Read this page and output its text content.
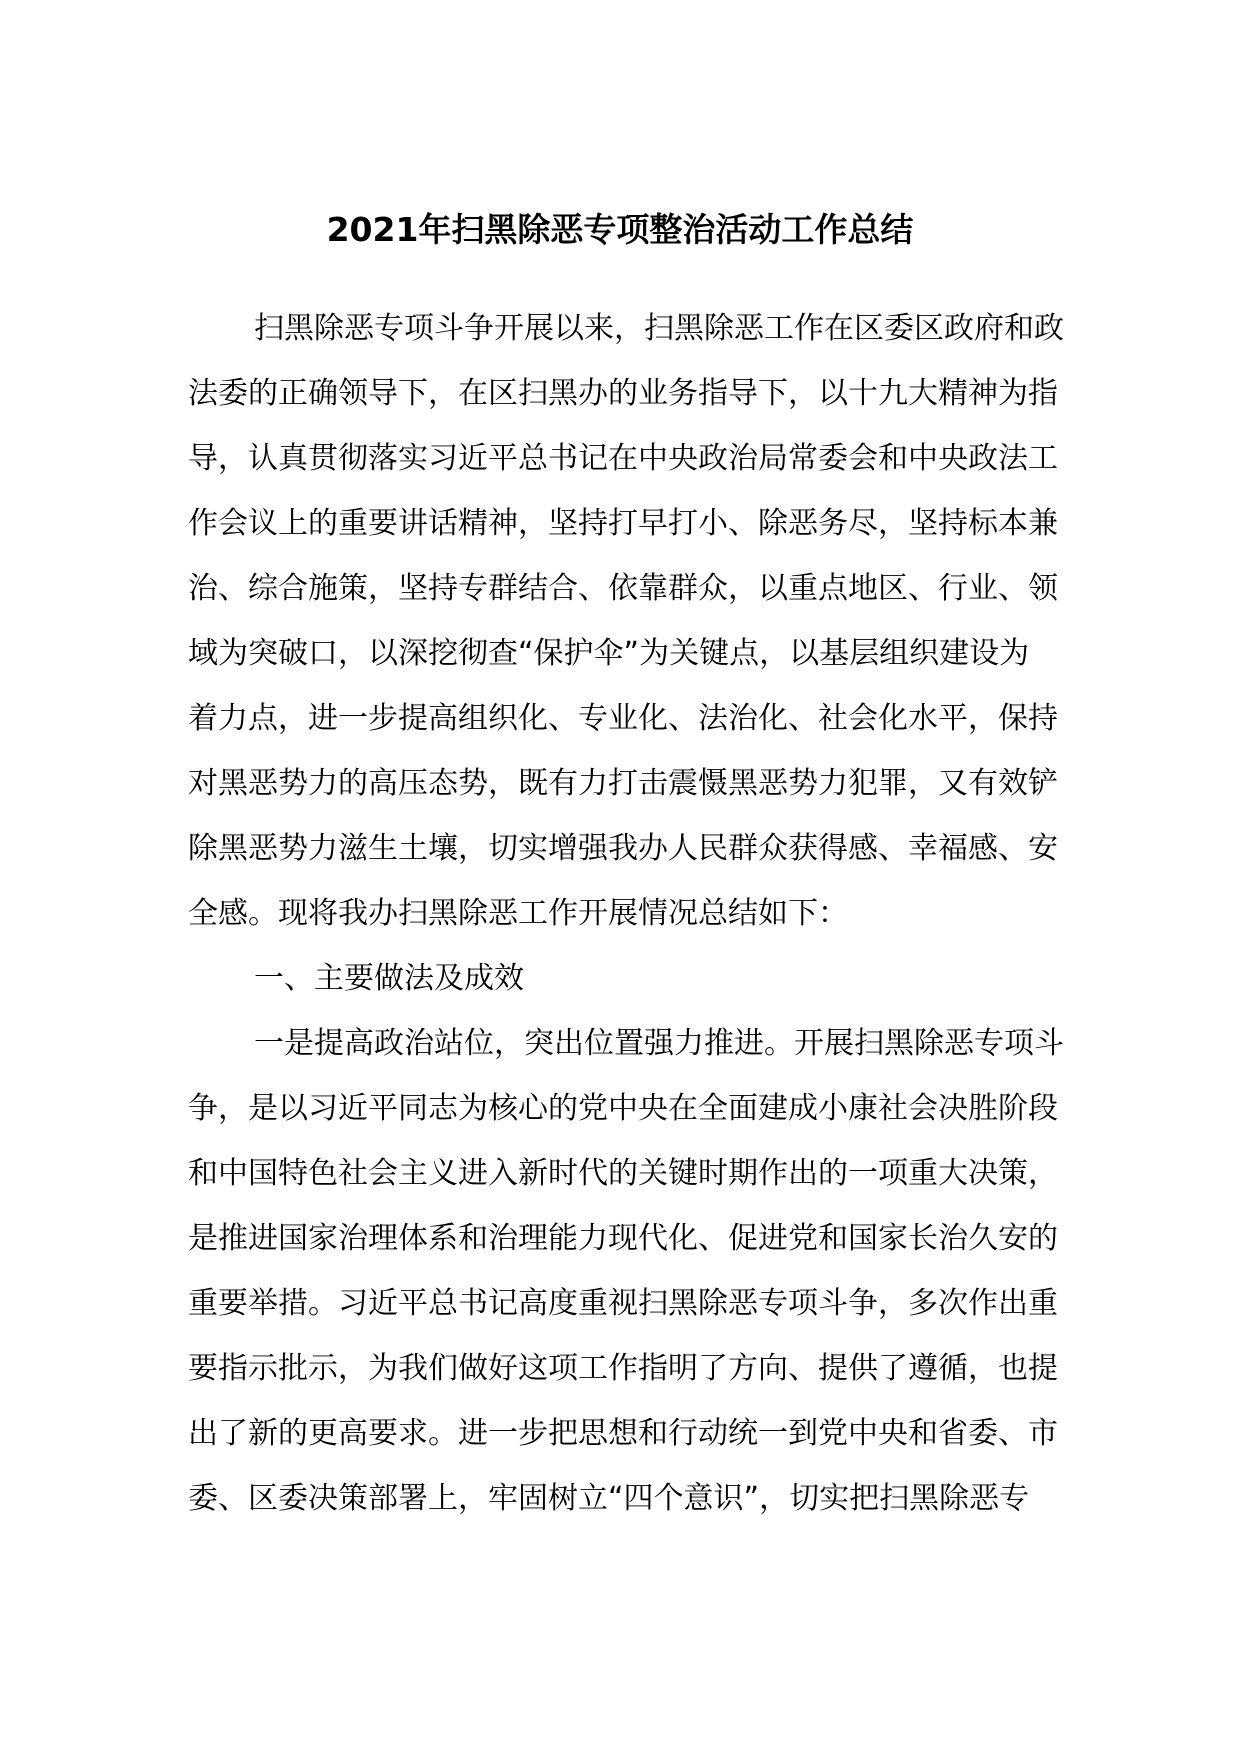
2021年扫黑除恶专项整治活动工作总结

扫黑除恶专项斗争开展以来，扫黑除恶工作在区委区政府和政

法委的正确领导下，在区扫黑办的业务指导下，以十九大精神为指

导，认真贯彻落实习近平总书记在中央政治局常委会和中央政法工

作会议上的重要讲话精神，坚持打早打小、除恶务尽，坚持标本兼

治、综合施策，坚持专群结合、依靠群众，以重点地区、行业、领

域为突破口，以深挖彻查“保护伞”为关键点，以基层组织建设为

着力点，进一步提高组织化、专业化、法治化、社会化水平，保持

对黑恶势力的高压态势，既有力打击震慑黑恶势力犯罪，又有效铲

除黑恶势力滋生土壤，切实增强我办人民群众获得感、幸福感、安

全感。现将我办扫黑除恶工作开展情况总结如下：

一、主要做法及成效

一是提高政治站位，突出位置强力推进。开展扫黑除恶专项斗

争，是以习近平同志为核心的党中央在全面建成小康社会决胜阶段

和中国特色社会主义进入新时代的关键时期作出的一项重大决策，

是推进国家治理体系和治理能力现代化、促进党和国家长治久安的

重要举措。习近平总书记高度重视扫黑除恶专项斗争，多次作出重

要指示批示，为我们做好这项工作指明了方向、提供了遵循，也提

出了新的更高要求。进一步把思想和行动统一到党中央和省委、市

委、区委决策部署上，牢固树立“四个意识”，切实把扫黑除恶专
